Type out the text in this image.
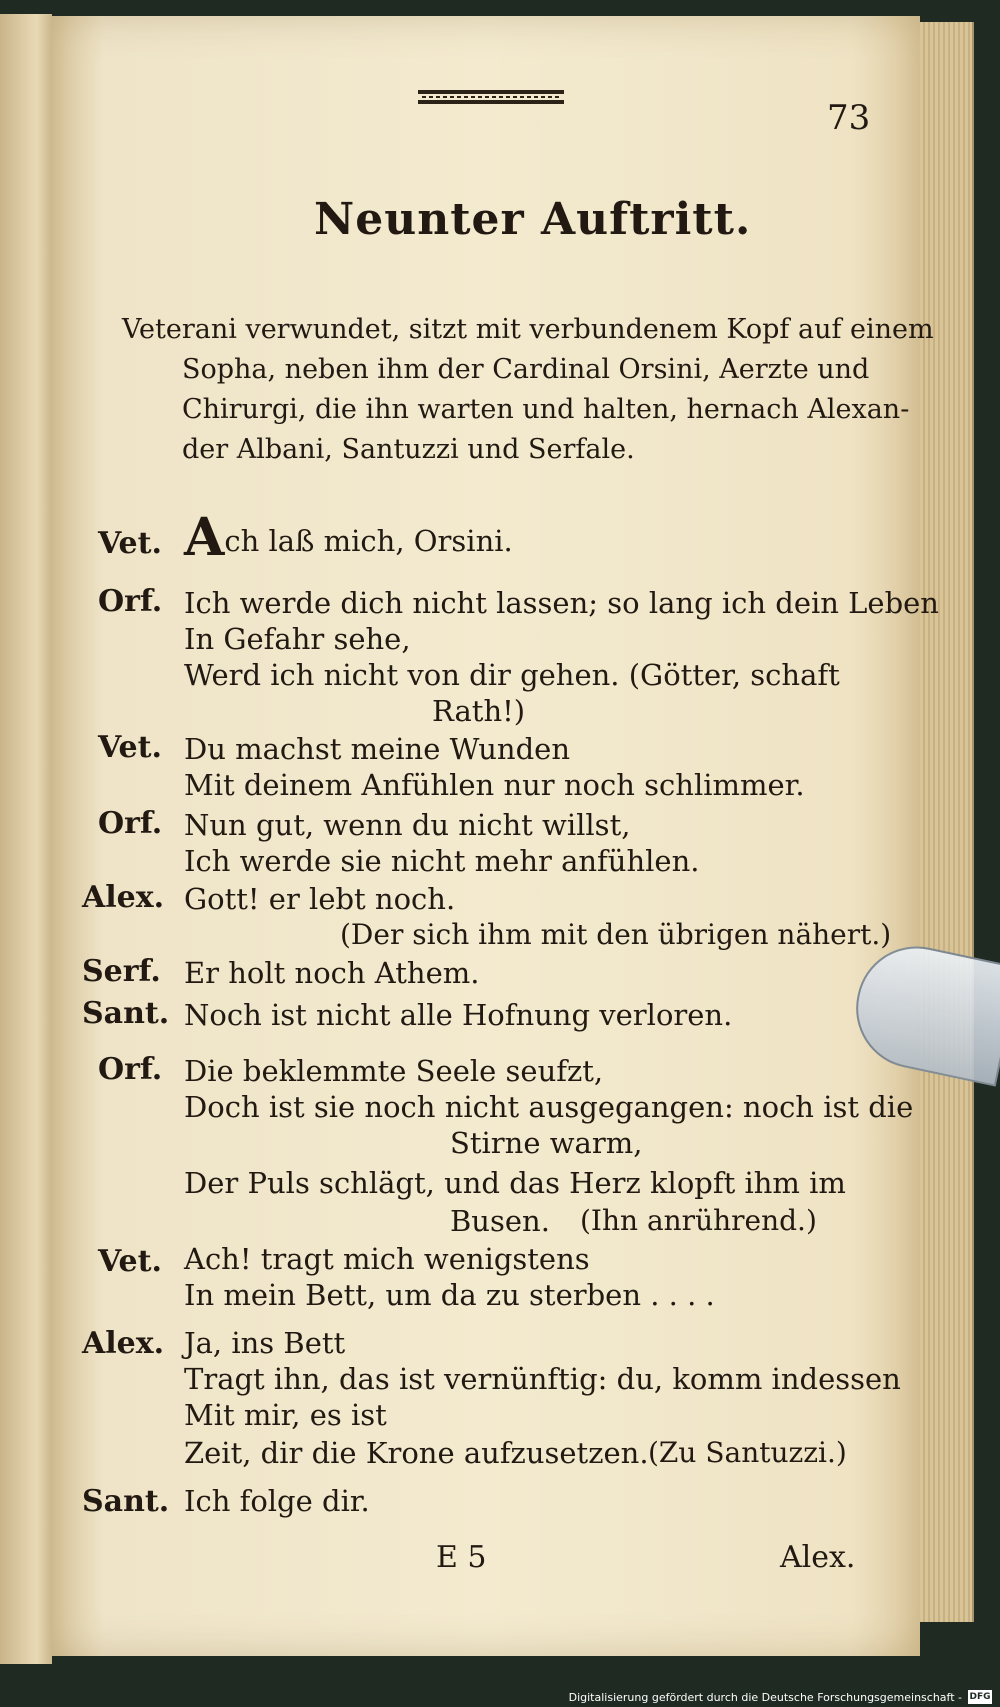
73
Neunter Auftritt.
Veterani verwundet, sitzt mit verbundenem Kopf auf einem
Sopha, neben ihm der Cardinal Orsini, Aerzte und
Chirurgi, die ihn warten und halten, hernach Alexan-
der Albani, Santuzzi und Serfale.
Vet. Ach laß mich, Orsini.
Orf. Ich werde dich nicht lassen; so lang ich dein Leben
In Gefahr sehe,
Werd ich nicht von dir gehen. (Götter, schaft
Rath!)
Vet. Du machst meine Wunden
Mit deinem Anfühlen nur noch schlimmer.
Orf. Nun gut, wenn du nicht willst,
Ich werde sie nicht mehr anfühlen.
Alex. Gott! er lebt noch.
(Der sich ihm mit den übrigen nähert.)
Serf. Er holt noch Athem.
Sant. Noch ist nicht alle Hofnung verloren.
Orf. Die beklemmte Seele seufzt,
Doch ist sie noch nicht ausgegangen: noch ist die
Stirne warm,
Der Puls schlägt, und das Herz klopft ihm im
Busen. (Ihn anrührend.)
Vet. Ach! tragt mich wenigstens
In mein Bett, um da zu sterben . . . .
Alex. Ja, ins Bett
Tragt ihn, das ist vernünftig: du, komm indessen
Mit mir, es ist
Zeit, dir die Krone aufzusetzen. (Zu Santuzzi.)
Sant. Ich folge dir.
E 5	Alex.
Digitalisierung gefördert durch die Deutsche Forschungsgemeinschaft - DFG
